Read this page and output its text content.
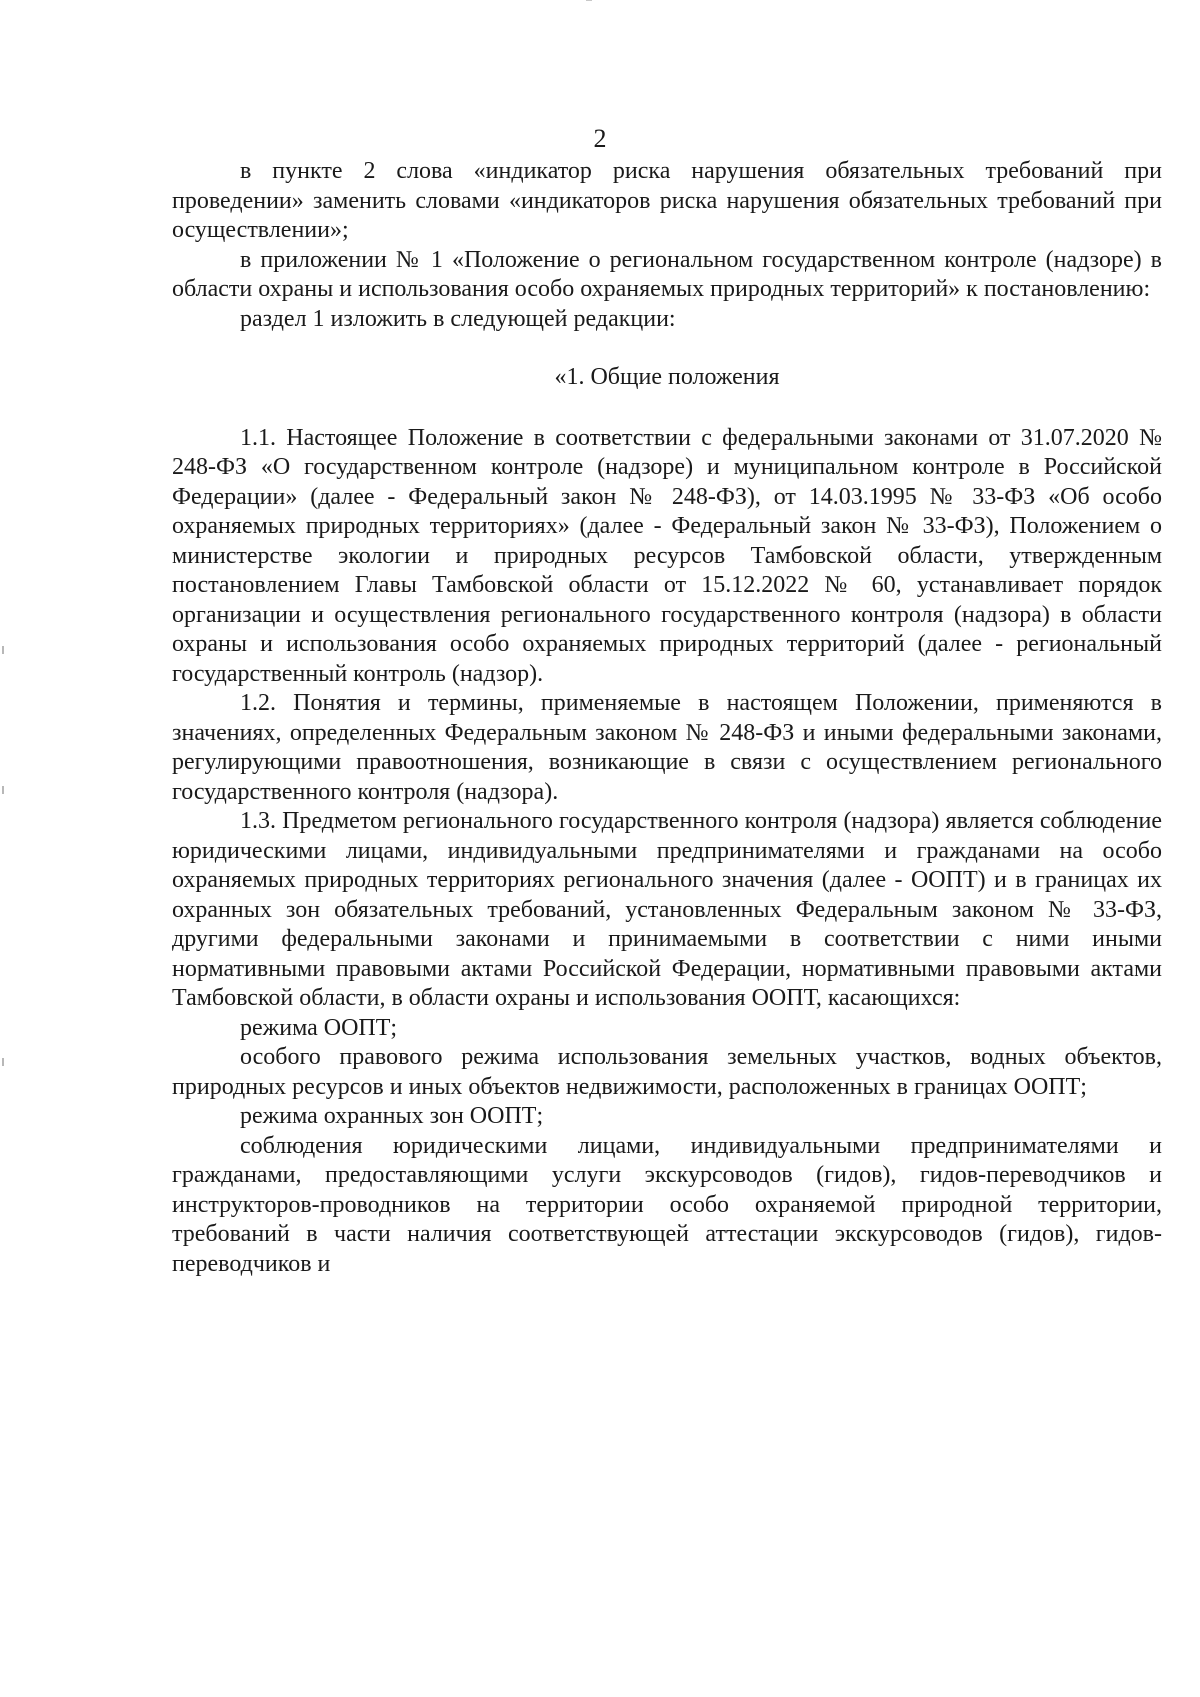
2

в пункте 2 слова «индикатор риска нарушения обязательных требований при проведении» заменить словами «индикаторов риска нарушения обязательных требований при осуществлении»;

в приложении № 1 «Положение о региональном государственном контроле (надзоре) в области охраны и использования особо охраняемых природных территорий» к постановлению:

раздел 1 изложить в следующей редакции:

«1. Общие положения

1.1. Настоящее Положение в соответствии с федеральными законами от 31.07.2020 № 248-ФЗ «О государственном контроле (надзоре) и муниципальном контроле в Российской Федерации» (далее - Федеральный закон № 248-ФЗ), от 14.03.1995 № 33-ФЗ «Об особо охраняемых природных территориях» (далее - Федеральный закон № 33-ФЗ), Положением о министерстве экологии и природных ресурсов Тамбовской области, утвержденным постановлением Главы Тамбовской области от 15.12.2022 № 60, устанавливает порядок организации и осуществления регионального государственного контроля (надзора) в области охраны и использования особо охраняемых природных территорий (далее - региональный государственный контроль (надзор).

1.2. Понятия и термины, применяемые в настоящем Положении, применяются в значениях, определенных Федеральным законом № 248-ФЗ и иными федеральными законами, регулирующими правоотношения, возникающие в связи с осуществлением регионального государственного контроля (надзора).

1.3. Предметом регионального государственного контроля (надзора) является соблюдение юридическими лицами, индивидуальными предпринимателями и гражданами на особо охраняемых природных территориях регионального значения (далее - ООПТ) и в границах их охранных зон обязательных требований, установленных Федеральным законом № 33-ФЗ, другими федеральными законами и принимаемыми в соответствии с ними иными нормативными правовыми актами Российской Федерации, нормативными правовыми актами Тамбовской области, в области охраны и использования ООПТ, касающихся:

режима ООПТ;

особого правового режима использования земельных участков, водных объектов, природных ресурсов и иных объектов недвижимости, расположенных в границах ООПТ;

режима охранных зон ООПТ;

соблюдения юридическими лицами, индивидуальными предпринимателями и гражданами, предоставляющими услуги экскурсоводов (гидов), гидов-переводчиков и инструкторов-проводников на территории особо охраняемой природной территории, требований в части наличия соответствующей аттестации экскурсоводов (гидов), гидов-переводчиков и
